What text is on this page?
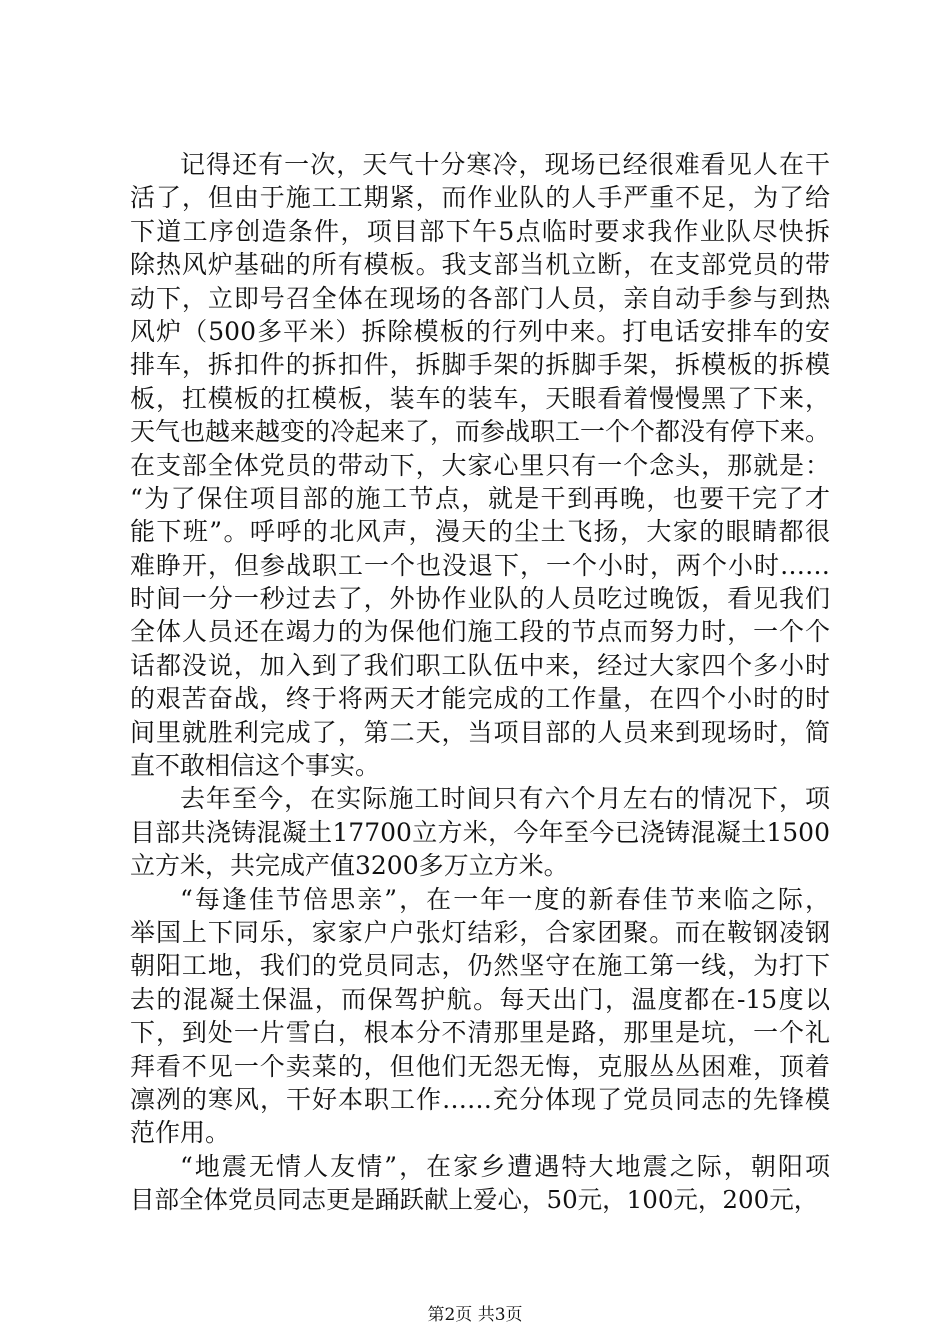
记得还有一次，天气十分寒冷，现场已经很难看见人在干
活了，但由于施工工期紧，而作业队的人手严重不足，为了给
下道工序创造条件，项目部下午5点临时要求我作业队尽快拆
除热风炉基础的所有模板。我支部当机立断，在支部党员的带
动下，立即号召全体在现场的各部门人员，亲自动手参与到热
风炉（500多平米）拆除模板的行列中来。打电话安排车的安
排车，拆扣件的拆扣件，拆脚手架的拆脚手架，拆模板的拆模
板，扛模板的扛模板，装车的装车，天眼看着慢慢黑了下来，
天气也越来越变的冷起来了，而参战职工一个个都没有停下来。
在支部全体党员的带动下，大家心里只有一个念头，那就是：
“为了保住项目部的施工节点，就是干到再晚，也要干完了才
能下班”。呼呼的北风声，漫天的尘土飞扬，大家的眼睛都很
难睁开，但参战职工一个也没退下，一个小时，两个小时……
时间一分一秒过去了，外协作业队的人员吃过晚饭，看见我们
全体人员还在竭力的为保他们施工段的节点而努力时，一个个
话都没说，加入到了我们职工队伍中来，经过大家四个多小时
的艰苦奋战，终于将两天才能完成的工作量，在四个小时的时
间里就胜利完成了，第二天，当项目部的人员来到现场时，简
直不敢相信这个事实。
去年至今，在实际施工时间只有六个月左右的情况下，项
目部共浇铸混凝土17700立方米，今年至今已浇铸混凝土1500
立方米，共完成产值3200多万立方米。
“每逢佳节倍思亲”，在一年一度的新春佳节来临之际，
举国上下同乐，家家户户张灯结彩，合家团聚。而在鞍钢凌钢
朝阳工地，我们的党员同志，仍然坚守在施工第一线，为打下
去的混凝土保温，而保驾护航。每天出门，温度都在-15度以
下，到处一片雪白，根本分不清那里是路，那里是坑，一个礼
拜看不见一个卖菜的，但他们无怨无悔，克服丛丛困难，顶着
凛冽的寒风，干好本职工作……充分体现了党员同志的先锋模
范作用。
“地震无情人友情”，在家乡遭遇特大地震之际，朝阳项
目部全体党员同志更是踊跃献上爱心，50元，100元，200元，
第2页 共3页
